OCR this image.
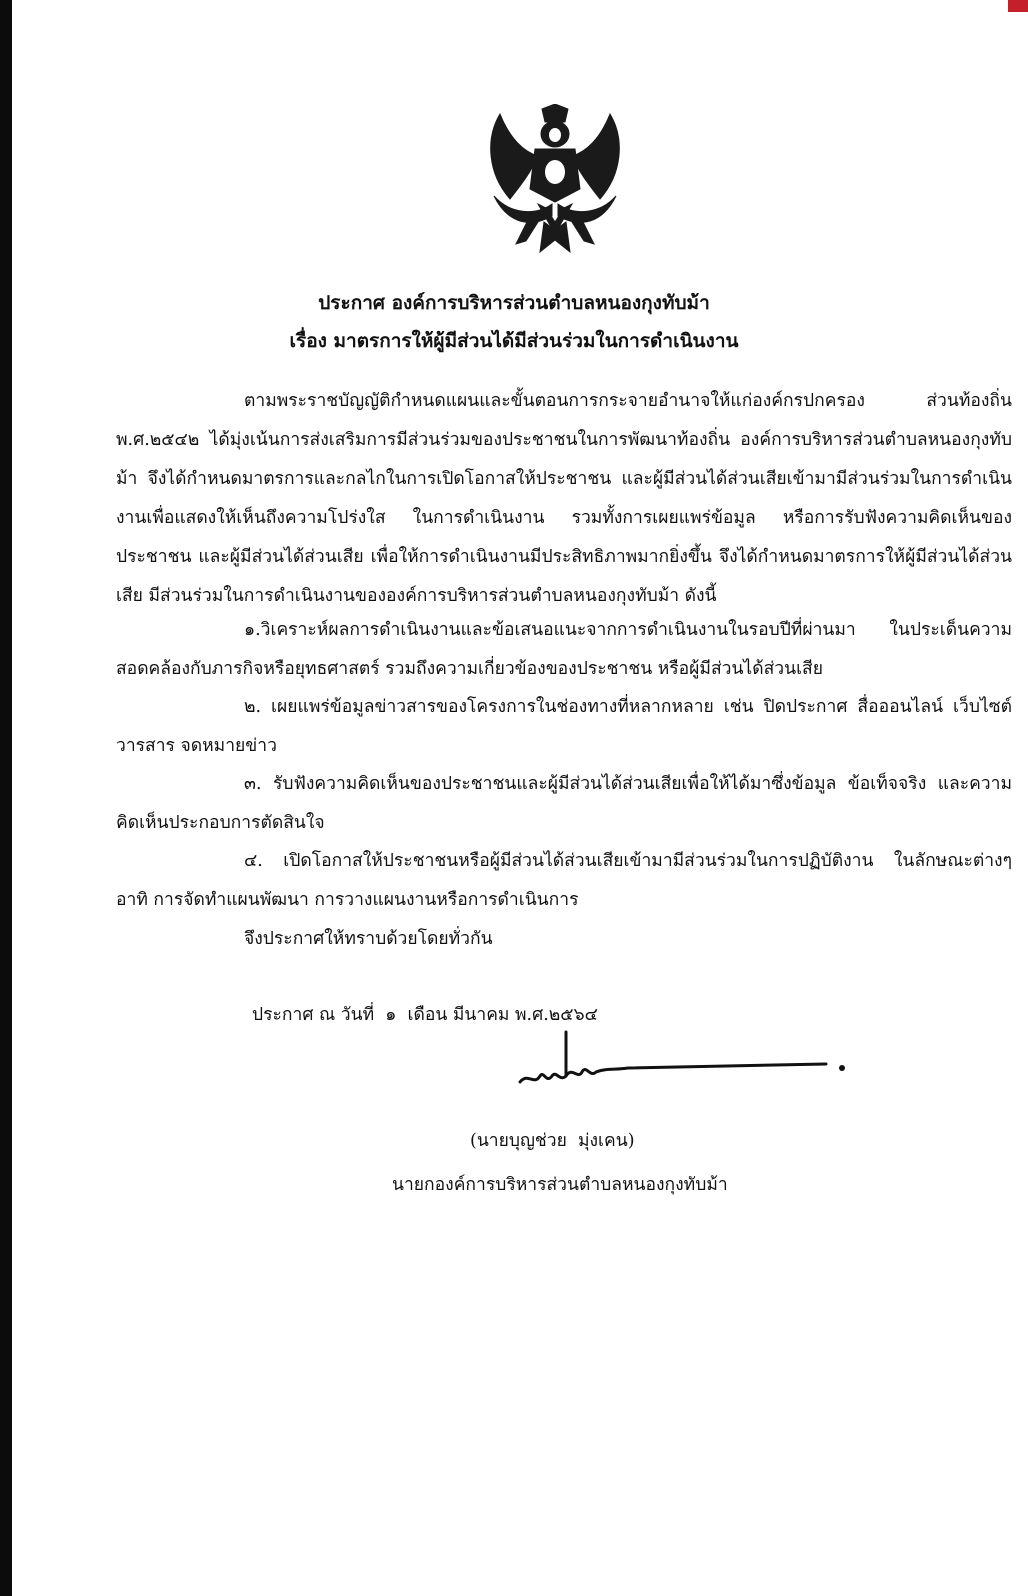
ประกาศ องค์การบริหารส่วนตำบลหนองกุงทับม้า
เรื่อง มาตรการให้ผู้มีส่วนได้มีส่วนร่วมในการดำเนินงาน

ตามพระราชบัญญัติกำหนดแผนและขั้นตอนการกระจายอำนาจให้แก่องค์กรปกครอง ส่วนท้องถิ่น พ.ศ.๒๕๔๒ ได้มุ่งเน้นการส่งเสริมการมีส่วนร่วมของประชาชนในการพัฒนาท้องถิ่น องค์การบริหารส่วนตำบลหนองกุงทับม้า จึงได้กำหนดมาตรการและกลไกในการเปิดโอกาสให้ประชาชน และผู้มีส่วนได้ส่วนเสียเข้ามามีส่วนร่วมในการดำเนินงานเพื่อแสดงให้เห็นถึงความโปร่งใส ในการดำเนินงาน รวมทั้งการเผยแพร่ข้อมูล หรือการรับฟังความคิดเห็นของประชาชน และผู้มีส่วนได้ส่วนเสีย เพื่อให้การดำเนินงานมีประสิทธิภาพมากยิ่งขึ้น จึงได้กำหนดมาตรการให้ผู้มีส่วนได้ส่วนเสีย มีส่วนร่วมในการดำเนินงานขององค์การบริหารส่วนตำบลหนองกุงทับม้า ดังนี้

๑.วิเคราะห์ผลการดำเนินงานและข้อเสนอแนะจากการดำเนินงานในรอบปีที่ผ่านมา ในประเด็นความสอดคล้องกับภารกิจหรือยุทธศาสตร์ รวมถึงความเกี่ยวข้องของประชาชน หรือผู้มีส่วนได้ส่วนเสีย

๒. เผยแพร่ข้อมูลข่าวสารของโครงการในช่องทางที่หลากหลาย เช่น ปิดประกาศ สื่อออนไลน์ เว็บไซต์ วารสาร จดหมายข่าว

๓. รับฟังความคิดเห็นของประชาชนและผู้มีส่วนได้ส่วนเสียเพื่อให้ได้มาซึ่งข้อมูล ข้อเท็จจริง และความคิดเห็นประกอบการตัดสินใจ

๔. เปิดโอกาสให้ประชาชนหรือผู้มีส่วนได้ส่วนเสียเข้ามามีส่วนร่วมในการปฏิบัติงาน ในลักษณะต่างๆ อาทิ การจัดทำแผนพัฒนา การวางแผนงานหรือการดำเนินการ

จึงประกาศให้ทราบด้วยโดยทั่วกัน

ประกาศ ณ วันที่  ๑  เดือน มีนาคม พ.ศ.๒๕๖๔
(นายบุญช่วย  มุ่งเคน)
นายกองค์การบริหารส่วนตำบลหนองกุงทับม้า
